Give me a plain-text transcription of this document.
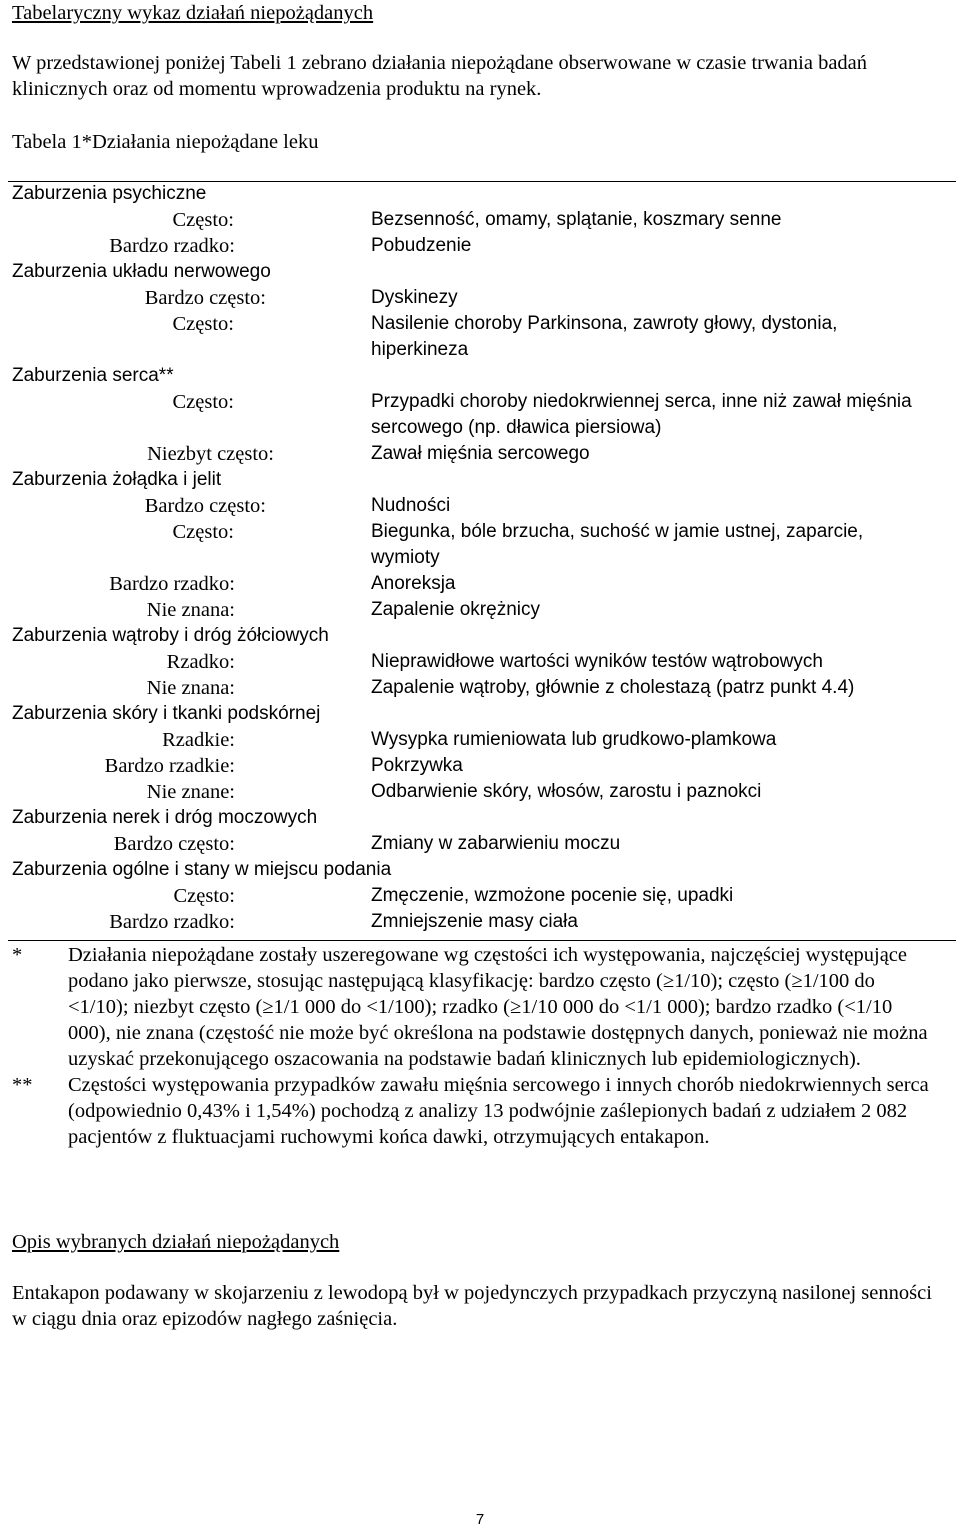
Tabelaryczny wykaz działań niepożądanych
W przedstawionej poniżej Tabeli 1 zebrano działania niepożądane obserwowane w czasie trwania badań klinicznych oraz od momentu wprowadzenia produktu na rynek.
Tabela 1*Działania niepożądane leku
Zaburzenia psychiczne
Często:	Bezsenność, omamy, splątanie, koszmary senne
Bardzo rzadko:	Pobudzenie
Zaburzenia układu nerwowego
Bardzo często:	Dyskinezy
Często:	Nasilenie choroby Parkinsona, zawroty głowy, dystonia, hiperkineza
Zaburzenia serca**
Często:	Przypadki choroby niedokrwiennej serca, inne niż zawał mięśnia sercowego (np. dławica piersiowa)
Niezbyt często:	Zawał mięśnia sercowego
Zaburzenia żołądka i jelit
Bardzo często:	Nudności
Często:	Biegunka, bóle brzucha, suchość w jamie ustnej, zaparcie, wymioty
Bardzo rzadko:	Anoreksja
Nie znana:	Zapalenie okrężnicy
Zaburzenia wątroby i dróg żółciowych
Rzadko:	Nieprawidłowe wartości wyników testów wątrobowych
Nie znana:	Zapalenie wątroby, głównie z cholestazą (patrz punkt 4.4)
Zaburzenia skóry i tkanki podskórnej
Rzadkie:	Wysypka rumieniowata lub grudkowo-plamkowa
Bardzo rzadkie:	Pokrzywka
Nie znane:	Odbarwienie skóry, włosów, zarostu i paznokci
Zaburzenia nerek i dróg moczowych
Bardzo często:	Zmiany w zabarwieniu moczu
Zaburzenia ogólne i stany w miejscu podania
Często:	Zmęczenie, wzmożone pocenie się, upadki
Bardzo rzadko:	Zmniejszenie masy ciała
* Działania niepożądane zostały uszeregowane wg częstości ich występowania, najczęściej występujące podano jako pierwsze, stosując następującą klasyfikację: bardzo często (≥1/10); często (≥1/100 do <1/10); niezbyt często (≥1/1 000 do <1/100); rzadko (≥1/10 000 do <1/1 000); bardzo rzadko (<1/10 000), nie znana (częstość nie może być określona na podstawie dostępnych danych, ponieważ nie można uzyskać przekonującego oszacowania na podstawie badań klinicznych lub epidemiologicznych).
** Częstości występowania przypadków zawału mięśnia sercowego i innych chorób niedokrwiennych serca (odpowiednio 0,43% i 1,54%) pochodzą z analizy 13 podwójnie zaślepionych badań z udziałem 2 082 pacjentów z fluktuacjami ruchowymi końca dawki, otrzymujących entakapon.
Opis wybranych działań niepożądanych
Entakapon podawany w skojarzeniu z lewodopą był w pojedynczych przypadkach przyczyną nasilonej senności w ciągu dnia oraz epizodów nagłego zaśnięcia.
7
